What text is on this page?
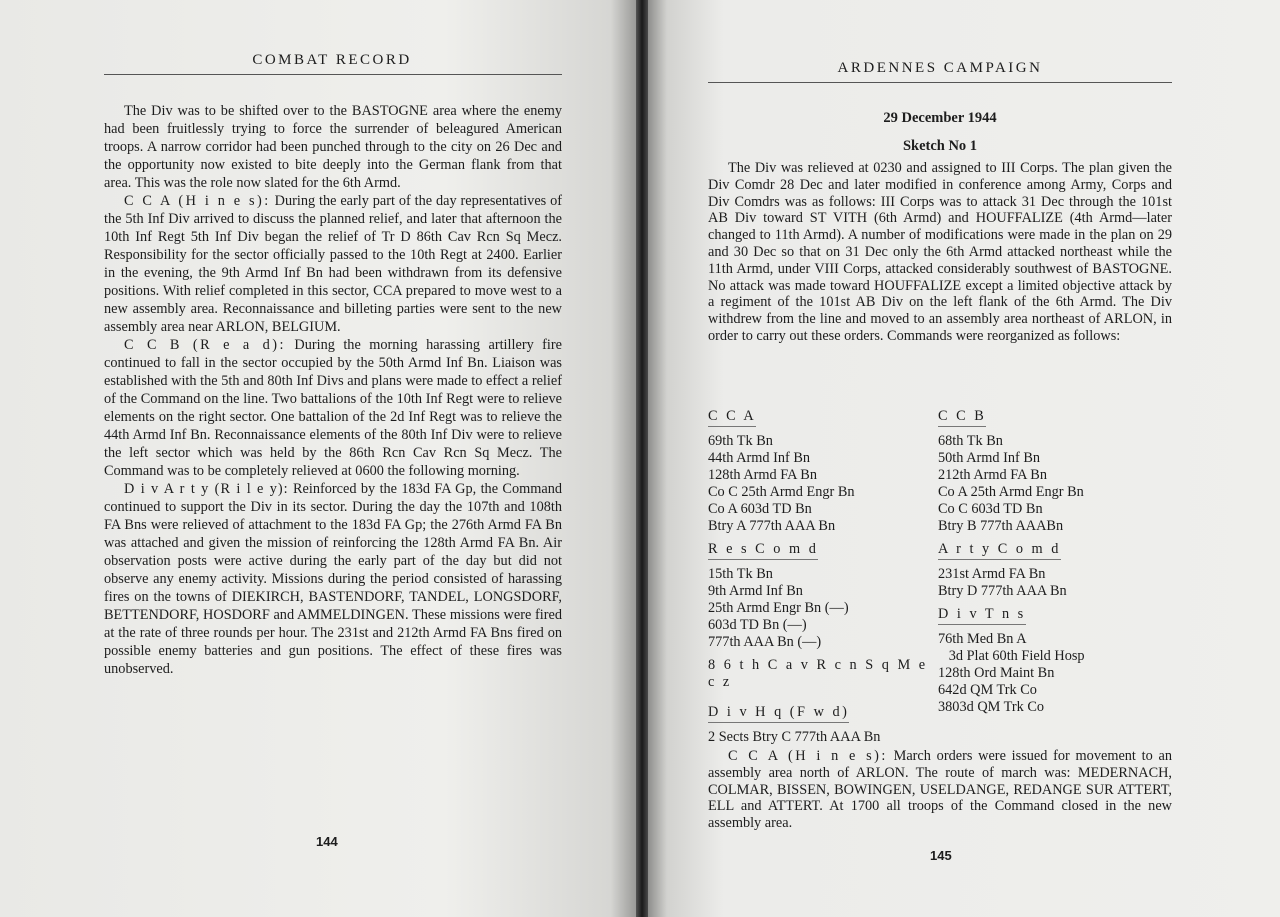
COMBAT RECORD

The Div was to be shifted over to the BASTOGNE area where the enemy had been fruitlessly trying to force the surrender of beleagured American troops. A narrow corridor had been punched through to the city on 26 Dec and the opportunity now existed to bite deeply into the German flank from that area. This was the role now slated for the 6th Armd.

C C A (H i n e s): During the early part of the day representatives of the 5th Inf Div arrived to discuss the planned relief, and later that afternoon the 10th Inf Regt 5th Inf Div began the relief of Tr D 86th Cav Rcn Sq Mecz. Responsibility for the sector officially passed to the 10th Regt at 2400. Earlier in the evening, the 9th Armd Inf Bn had been withdrawn from its defensive positions. With relief completed in this sector, CCA prepared to move west to a new assembly area. Reconnaissance and billeting parties were sent to the new assembly area near ARLON, BELGIUM.

C C B (R e a d): During the morning harassing artillery fire continued to fall in the sector occupied by the 50th Armd Inf Bn. Liaison was established with the 5th and 80th Inf Divs and plans were made to effect a relief of the Command on the line. Two battalions of the 10th Inf Regt were to relieve elements on the right sector. One battalion of the 2d Inf Regt was to relieve the 44th Armd Inf Bn. Reconnaissance elements of the 80th Inf Div were to relieve the left sector which was held by the 86th Rcn Cav Rcn Sq Mecz. The Command was to be completely relieved at 0600 the following morning.

D i v A r t y (R i l e y): Reinforced by the 183d FA Gp, the Command continued to support the Div in its sector. During the day the 107th and 108th FA Bns were relieved of attachment to the 183d FA Gp; the 276th Armd FA Bn was attached and given the mission of reinforcing the 128th Armd FA Bn. Air observation posts were active during the early part of the day but did not observe any enemy activity. Missions during the period consisted of harassing fires on the towns of DIEKIRCH, BASTENDORF, TANDEL, LONGSDORF, BETTENDORF, HOSDORF and AMMELDINGEN. These missions were fired at the rate of three rounds per hour. The 231st and 212th Armd FA Bns fired on possible enemy batteries and gun positions. The effect of these fires was unobserved.

144
ARDENNES CAMPAIGN
29 December 1944
Sketch No 1

The Div was relieved at 0230 and assigned to III Corps. The plan given the Div Comdr 28 Dec and later modified in conference among Army, Corps and Div Comdrs was as follows: III Corps was to attack 31 Dec through the 101st AB Div toward ST VITH (6th Armd) and HOUFFALIZE (4th Armd—later changed to 11th Armd). A number of modifications were made in the plan on 29 and 30 Dec so that on 31 Dec only the 6th Armd attacked northeast while the 11th Armd, under VIII Corps, attacked considerably southwest of BASTOGNE. No attack was made toward HOUFFALIZE except a limited objective attack by a regiment of the 101st AB Div on the left flank of the 6th Armd. The Div withdrew from the line and moved to an assembly area northeast of ARLON, in order to carry out these orders. Commands were reorganized as follows:

C C A

69th Tk Bn
44th Armd Inf Bn
128th Armd FA Bn
Co C 25th Armd Engr Bn
Co A 603d TD Bn
Btry A 777th AAA Bn
R e s C o m d

15th Tk Bn
9th Armd Inf Bn
25th Armd Engr Bn (—)
603d TD Bn (—)
777th AAA Bn (—)
8 6 t h C a v R c n S q M e c z

D i v H q (F w d)

2 Sects Btry C 777th AAA Bn
C C B

68th Tk Bn
50th Armd Inf Bn
212th Armd FA Bn
Co A 25th Armd Engr Bn
Co C 603d TD Bn
Btry B 777th AAABn
A r t y C o m d

231st Armd FA Bn
Btry D 777th AAA Bn
D i v T n s

76th Med Bn A
3d Plat 60th Field Hosp
128th Ord Maint Bn
642d QM Trk Co
3803d QM Trk Co

C C A (H i n e s): March orders were issued for movement to an assembly area north of ARLON. The route of march was: MEDERNACH, COLMAR, BISSEN, BOWINGEN, USELDANGE, REDANGE SUR ATTERT, ELL and ATTERT. At 1700 all troops of the Command closed in the new assembly area.

145
